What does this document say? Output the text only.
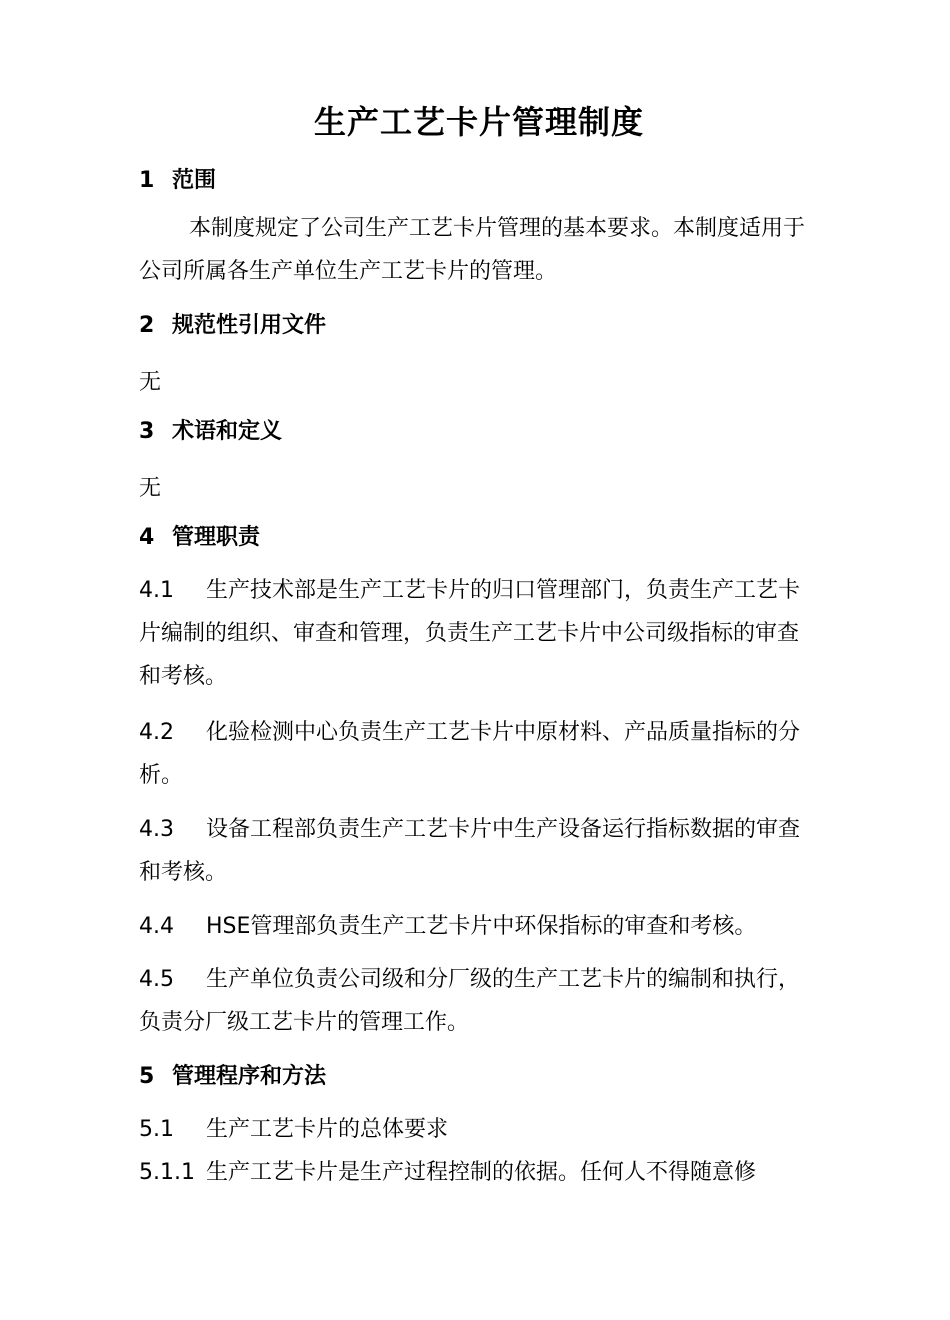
生产工艺卡片管理制度
1 范围
本制度规定了公司生产工艺卡片管理的基本要求。本制度适用于公司所属各生产单位生产工艺卡片的管理。
2 规范性引用文件
无
3 术语和定义
无
4 管理职责
4.1 生产技术部是生产工艺卡片的归口管理部门，负责生产工艺卡片编制的组织、审查和管理，负责生产工艺卡片中公司级指标的审查和考核。
4.2 化验检测中心负责生产工艺卡片中原材料、产品质量指标的分析。
4.3 设备工程部负责生产工艺卡片中生产设备运行指标数据的审查和考核。
4.4 HSE管理部负责生产工艺卡片中环保指标的审查和考核。
4.5 生产单位负责公司级和分厂级的生产工艺卡片的编制和执行，负责分厂级工艺卡片的管理工作。
5 管理程序和方法
5.1 生产工艺卡片的总体要求
5.1.1 生产工艺卡片是生产过程控制的依据。任何人不得随意修
